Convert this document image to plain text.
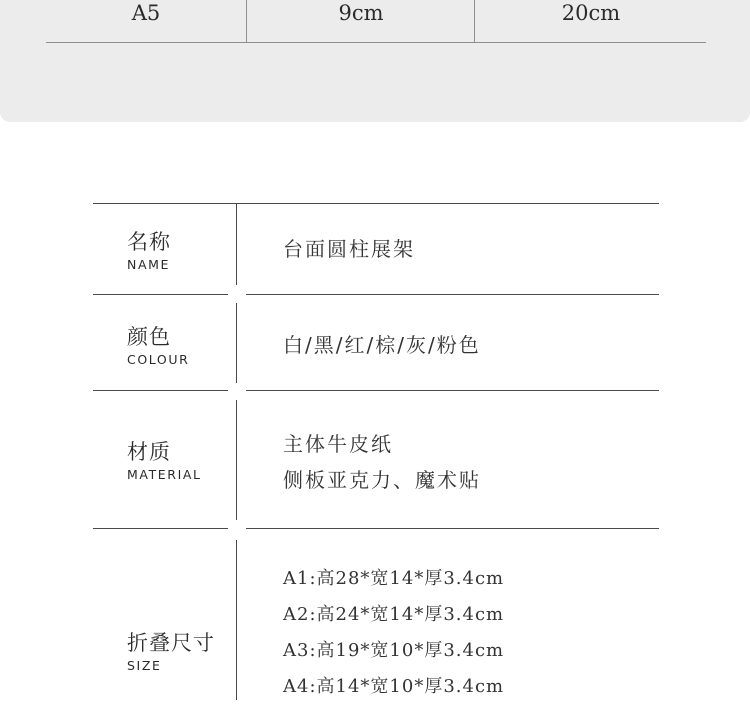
A5	9cm	20cm
名称
NAME
台面圆柱展架
颜色
COLOUR
白/黑/红/棕/灰/粉色
材质
MATERIAL
主体牛皮纸
侧板亚克力、魔术贴
折叠尺寸
SIZE
A1:高28*宽14*厚3.4cm
A2:高24*宽14*厚3.4cm
A3:高19*宽10*厚3.4cm
A4:高14*宽10*厚3.4cm
